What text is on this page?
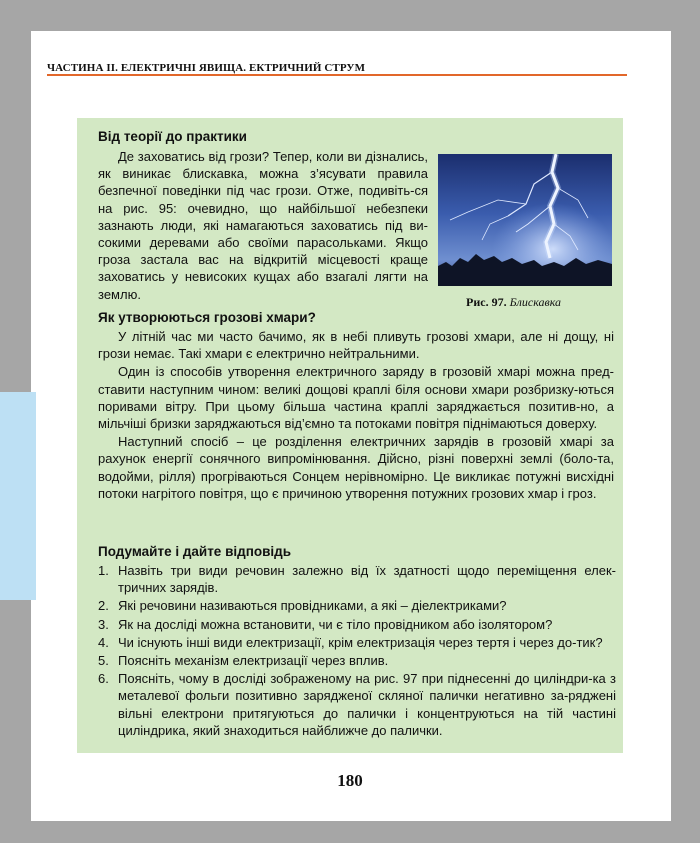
ЧАСТИНА ІІ. ЕЛЕКТРИЧНІ ЯВИЩА. ЕКТРИЧНИЙ СТРУМ
Від теорії до практики

Де заховатись від грози? Тепер, коли ви дізнались, як виникає блискавка, можна з’ясувати правила безпечної поведінки під час грози. Отже, подивіть-ся на рис. 95: очевидно, що найбільшої небезпеки зазнають люди, які намагаються заховатись під ви-сокими деревами або своїми парасольками. Якщо гроза застала вас на відкритій місцевості краще заховатись у невисоких кущах або взагалі лягти на землю.

Рис. 97. Блискавка
Як утворюються грозові хмари?

У літній час ми часто бачимо, як в небі пливуть грозові хмари, але ні дощу, ні грози немає. Такі хмари є електрично нейтральними.

Один із способів утворення електричного заряду в грозовій хмарі можна пред-ставити наступним чином: великі дощові краплі біля основи хмари розбризку-ються поривами вітру. При цьому більша частина краплі заряджається позитив-но, а мільчіші бризки заряджаються від’ємно та потоками повітря піднімаються доверху.

Наступний спосіб – це розділення електричних зарядів в грозовій хмарі за рахунок енергії сонячного випромінювання. Дійсно, різні поверхні землі (боло-та, водойми, рілля) прогріваються Сонцем нерівномірно. Це викликає потужні висхідні потоки нагрітого повітря, що є причиною утворення потужних грозових хмар і гроз.

Подумайте і дайте відповідь
1. Назвіть три види речовин залежно від їх здатності щодо переміщення елек-тричних зарядів.
2. Які речовини називаються провідниками, а які – діелектриками?
3. Як на досліді можна встановити, чи є тіло провідником або ізолятором?
4. Чи існують інші види електризації, крім електризація через тертя і через до-тик?
5. Поясніть механізм електризації через вплив.
6. Поясніть, чому в досліді зображеному на рис. 97 при піднесенні до циліндри-ка з металевої фольги позитивно зарядженої скляної палички негативно за-ряджені вільні електрони притягуються до палички і концентруються на тій частині циліндрика, який знаходиться найближче до палички.
180
